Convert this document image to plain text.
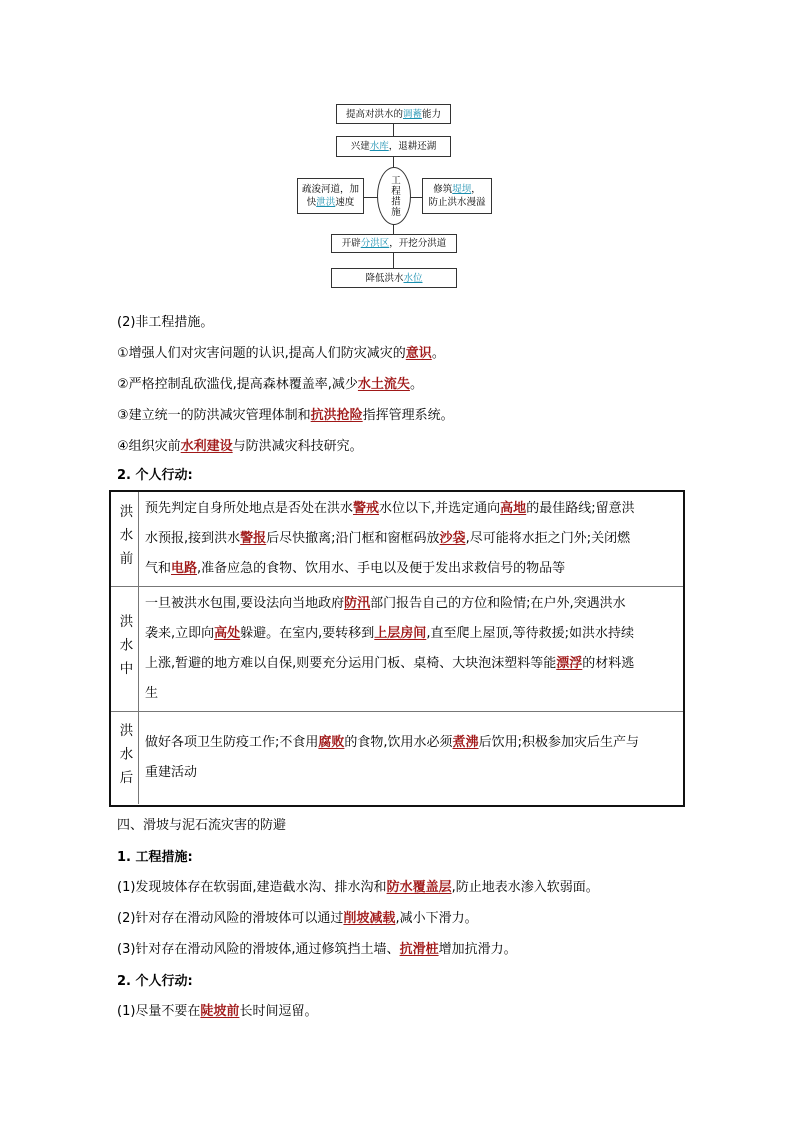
提高对洪水的 调蓄 能力
兴建 水库 ，退耕还湖
疏浚河道，加
快泄洪速度	工程措施	修筑堤坝，
防止洪水漫溢
开辟 分洪区 ，开挖分洪道
降低洪水 水位
(2)非工程措施。
①增强人们对灾害问题的认识,提高人们防灾减灾的意识。
②严格控制乱砍滥伐,提高森林覆盖率,减少水土流失。
③建立统一的防洪减灾管理体制和抗洪抢险指挥管理系统。
④组织灾前水利建设与防洪减灾科技研究。
2. 个人行动:
洪水前 预先判定自身所处地点是否处在洪水警戒水位以下,并选定通向高地的最佳路线;留意洪
水预报,接到洪水警报后尽快撤离;沿门框和窗框码放沙袋,尽可能将水拒之门外;关闭燃
气和电路,准备应急的食物、饮用水、手电以及便于发出求救信号的物品等
洪水中
一旦被洪水包围,要设法向当地政府防汛部门报告自己的方位和险情;在户外,突遇洪水
袭来,立即向高处躲避。在室内,要转移到上层房间,直至爬上屋顶,等待救援;如洪水持续
上涨,暂避的地方难以自保,则要充分运用门板、桌椅、大块泡沫塑料等能漂浮的材料逃
生
洪水后 做好各项卫生防疫工作;不食用腐败的食物,饮用水必须煮沸后饮用;积极参加灾后生产与
重建活动
四、滑坡与泥石流灾害的防避
1. 工程措施:
(1)发现坡体存在软弱面,建造截水沟、排水沟和防水覆盖层,防止地表水渗入软弱面。
(2)针对存在滑动风险的滑坡体可以通过削坡减载,减小下滑力。
(3)针对存在滑动风险的滑坡体,通过修筑挡土墙、抗滑桩增加抗滑力。
2. 个人行动:
(1)尽量不要在陡坡前长时间逗留。
